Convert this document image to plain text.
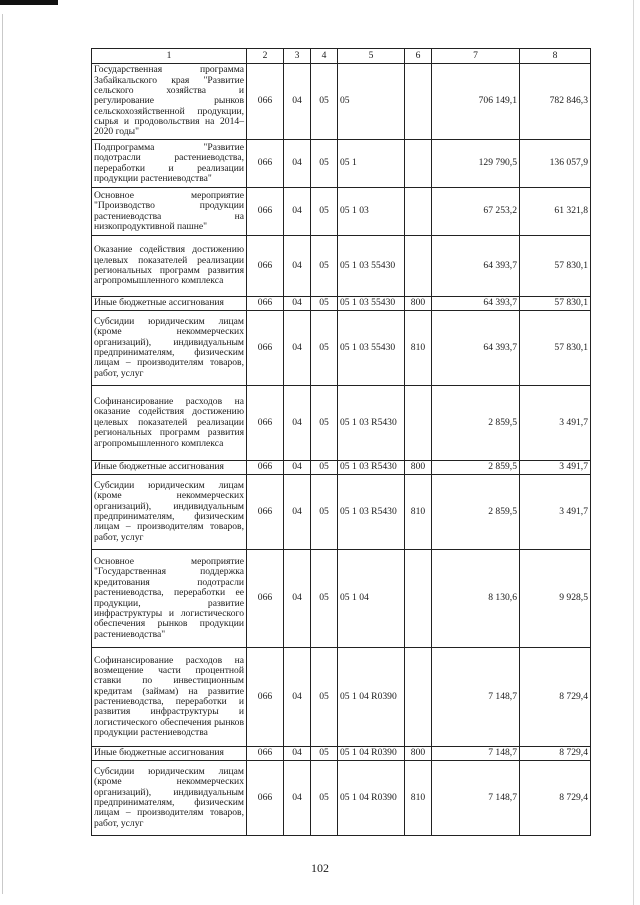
1	2	3	4	5	6	7	8
Государственная программа Забайкальского края "Развитие сельского хозяйства и регулирование рынков сельскохозяйственной продукции, сырья и продовольствия на 2014–2020 годы"	066	04	05	05		706 149,1	782 846,3
Подпрограмма "Развитие подотрасли растениеводства, переработки и реализации продукции растениеводства"	066	04	05	05 1		129 790,5	136 057,9
Основное мероприятие "Производство продукции растениеводства на низкопродуктивной пашне"	066	04	05	05 1 03		67 253,2	61 321,8
Оказание содействия достижению целевых показателей реализации региональных программ развития агропромышленного комплекса	066	04	05	05 1 03 55430		64 393,7	57 830,1
Иные бюджетные ассигнования	066	04	05	05 1 03 55430	800	64 393,7	57 830,1
Субсидии юридическим лицам (кроме некоммерческих организаций), индивидуальным предпринимателям, физическим лицам – производителям товаров, работ, услуг	066	04	05	05 1 03 55430	810	64 393,7	57 830,1
Софинансирование расходов на оказание содействия достижению целевых показателей реализации региональных программ развития агропромышленного комплекса	066	04	05	05 1 03 R5430		2 859,5	3 491,7
Иные бюджетные ассигнования	066	04	05	05 1 03 R5430	800	2 859,5	3 491,7
Субсидии юридическим лицам (кроме некоммерческих организаций), индивидуальным предпринимателям, физическим лицам – производителям товаров, работ, услуг	066	04	05	05 1 03 R5430	810	2 859,5	3 491,7
Основное мероприятие "Государственная поддержка кредитования подотрасли растениеводства, переработки ее продукции, развитие инфраструктуры и логистического обеспечения рынков продукции растениеводства"	066	04	05	05 1 04		8 130,6	9 928,5
Софинансирование расходов на возмещение части процентной ставки по инвестиционным кредитам (займам) на развитие растениеводства, переработки и развития инфраструктуры и логистического обеспечения рынков продукции растениеводства	066	04	05	05 1 04 R0390		7 148,7	8 729,4
Иные бюджетные ассигнования	066	04	05	05 1 04 R0390	800	7 148,7	8 729,4
Субсидии юридическим лицам (кроме некоммерческих организаций), индивидуальным предпринимателям, физическим лицам – производителям товаров, работ, услуг	066	04	05	05 1 04 R0390	810	7 148,7	8 729,4
102
